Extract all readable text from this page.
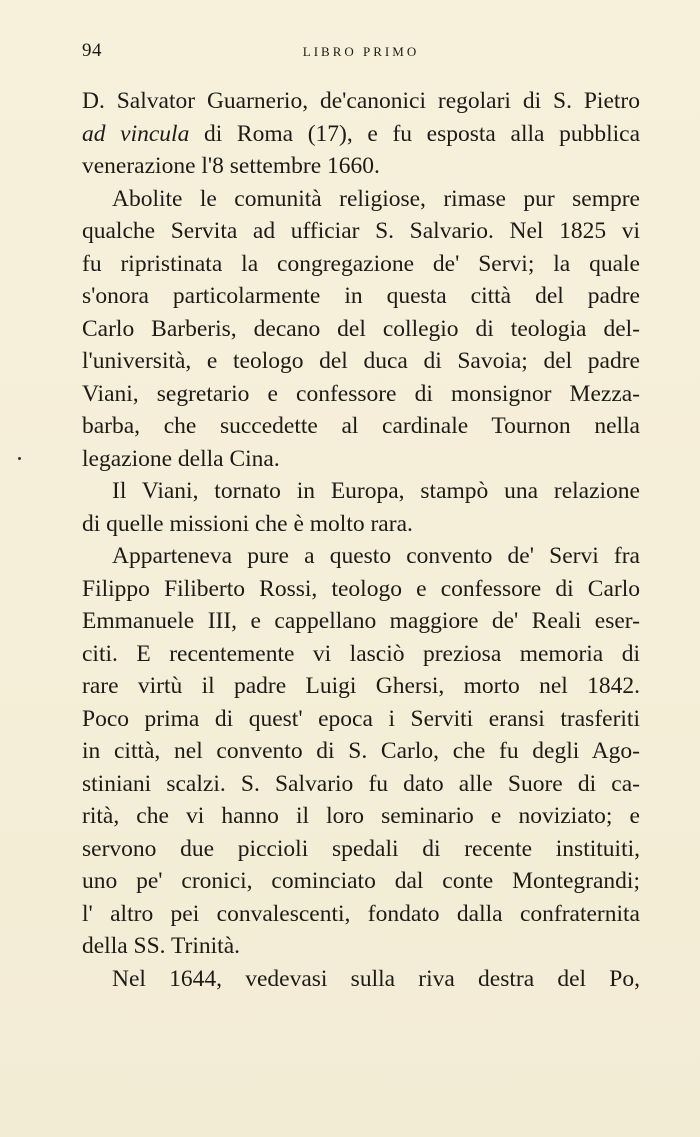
94	LIBRO PRIMO
D. Salvator Guarnerio, de'canonici regolari di S. Pietro
ad vincula di Roma (17), e fu esposta alla pubblica
venerazione l'8 settembre 1660.
Abolite le comunità religiose, rimase pur sempre
qualche Servita ad ufficiar S. Salvario. Nel 1825 vi
fu ripristinata la congregazione de' Servi; la quale
s'onora particolarmente in questa città del padre
Carlo Barberis, decano del collegio di teologia del-
l'università, e teologo del duca di Savoia; del padre
Viani, segretario e confessore di monsignor Mezza-
barba, che succedette al cardinale Tournon nella
legazione della Cina.
Il Viani, tornato in Europa, stampò una relazione
di quelle missioni che è molto rara.
Apparteneva pure a questo convento de' Servi fra
Filippo Filiberto Rossi, teologo e confessore di Carlo
Emmanuele III, e cappellano maggiore de' Reali eser-
citi. E recentemente vi lasciò preziosa memoria di
rare virtù il padre Luigi Ghersi, morto nel 1842.
Poco prima di quest' epoca i Serviti eransi trasferiti
in città, nel convento di S. Carlo, che fu degli Ago-
stiniani scalzi. S. Salvario fu dato alle Suore di ca-
rità, che vi hanno il loro seminario e noviziato; e
servono due piccioli spedali di recente instituiti,
uno pe' cronici, cominciato dal conte Montegrandi;
l' altro pei convalescenti, fondato dalla confraternita
della SS. Trinità.
Nel 1644, vedevasi sulla riva destra del Po,
